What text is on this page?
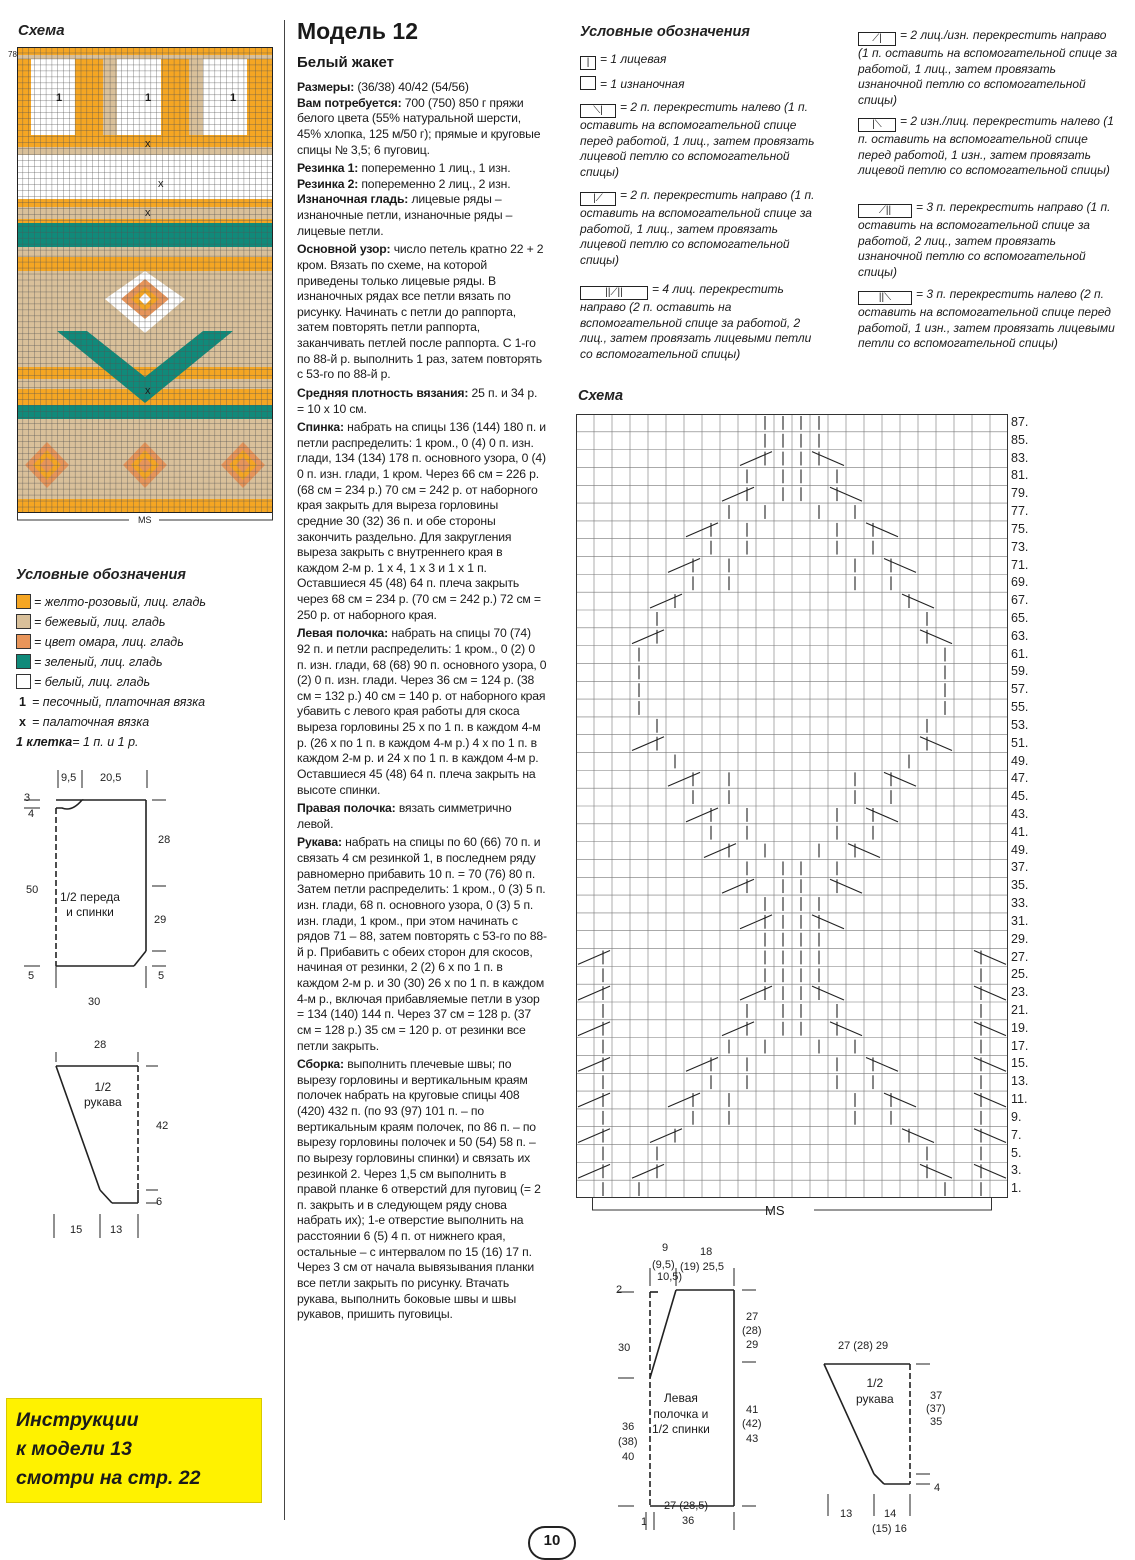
Схема
78
1	1	1
x
x
x
x
MS
Условные обозначения
= желто-розовый, лиц. гладь
= бежевый, лиц. гладь
= цвет омара, лиц. гладь
= зеленый, лиц. гладь
= белый, лиц. гладь
1 = песочный, платочная вязка
x = палаточная вязка
1 клетка = 1 п. и 1 р.
9,5 20,5
3
4
28
50
29
5	5
30
1/2 переда
и спинки
28
42
6
15	13
1/2
рукава
Инструкции
к модели 13
смотри на стр. 22
Модель 12
Белый жакет

Размеры: (36/38) 40/42 (54/56)
Вам потребуется: 700 (750) 850 г пряжи белого цвета (55% натуральной шерсти, 45% хлопка, 125 м/50 г); прямые и круговые спицы № 3,5; 6 пуговиц.

Резинка 1: попеременно 1 лиц., 1 изн.

Резинка 2: попеременно 2 лиц., 2 изн.

Изнаночная гладь: лицевые ряды – изнаночные петли, изнаночные ряды – лицевые петли.

Основной узор: число петель кратно 22 + 2 кром. Вязать по схеме, на которой приведены только лицевые ряды. В изнаночных рядах все петли вязать по рисунку. Начинать с петли до раппорта, затем повторять петли раппорта, заканчивать петлей после раппорта. С 1-го по 88-й р. выполнить 1 раз, затем повторять с 53-го по 88-й р.

Средняя плотность вязания: 25 п. и 34 р. = 10 х 10 см.

Спинка: набрать на спицы 136 (144) 180 п. и петли распределить: 1 кром., 0 (4) 0 п. изн. глади, 134 (134) 178 п. основного узора, 0 (4) 0 п. изн. глади, 1 кром. Через 66 см = 226 р. (68 см = 234 р.) 70 см = 242 р. от наборного края закрыть для выреза горловины средние 30 (32) 36 п. и обе стороны закончить раздельно. Для закругления выреза закрыть с внутреннего края в каждом 2-м р. 1 х 4, 1 х 3 и 1 х 1 п. Оставшиеся 45 (48) 64 п. плеча закрыть через 68 см = 234 р. (70 см = 242 р.) 72 см = 250 р. от наборного края.

Левая полочка: набрать на спицы 70 (74) 92 п. и петли распределить: 1 кром., 0 (2) 0 п. изн. глади, 68 (68) 90 п. основного узора, 0 (2) 0 п. изн. глади. Через 36 см = 124 р. (38 см = 132 р.) 40 см = 140 р. от наборного края убавить с левого края работы для скоса выреза горловины 25 х по 1 п. в каждом 4-м р. (26 х по 1 п. в каждом 4-м р.) 4 х по 1 п. в каждом 2-м р. и 24 х по 1 п. в каждом 4-м р. Оставшиеся 45 (48) 64 п. плеча закрыть на высоте спинки.

Правая полочка: вязать симметрично левой.

Рукава: набрать на спицы по 60 (66) 70 п. и связать 4 см резинкой 1, в последнем ряду равномерно прибавить 10 п. = 70 (76) 80 п. Затем петли распределить: 1 кром., 0 (3) 5 п. изн. глади, 68 п. основного узора, 0 (3) 5 п. изн. глади, 1 кром., при этом начинать с рядов 71 – 88, затем повторять с 53-го по 88-й р. Прибавить с обеих сторон для скосов, начиная от резинки, 2 (2) 6 х по 1 п. в каждом 2-м р. и 30 (30) 26 х по 1 п. в каждом 4-м р., включая прибавляемые петли в узор = 134 (140) 144 п. Через 37 см = 128 р. (37 см = 128 р.) 35 см = 120 р. от резинки все петли закрыть.

Сборка: выполнить плечевые швы; по вырезу горловины и вертикальным краям полочек набрать на круговые спицы 408 (420) 432 п. (по 93 (97) 101 п. – по вертикальным краям полочек, по 86 п. – по вырезу горловины полочек и 50 (54) 58 п. – по вырезу горловины спинки) и связать их резинкой 2. Через 1,5 см выполнить в правой планке 6 отверстий для пуговиц (= 2 п. закрыть и в следующем ряду снова набрать их); 1-е отверстие выполнить на расстоянии 6 (5) 4 п. от нижнего края, остальные – с интервалом по 15 (16) 17 п. Через 3 см от начала вывязывания планки все петли закрыть по рисунку. Втачать рукава, выполнить боковые швы и швы рукавов, пришить пуговицы.

Условные обозначения
| = 1 лицевая
= 1 изнаночная
⟍| = 2 п. перекрестить налево (1 п. оставить на вспомогательной спице перед работой, 1 лиц., затем провязать лицевой петлю со вспомогательной спицы)
|⟋ = 2 п. перекрестить направо (1 п. оставить на вспомогательной спице за работой, 1 лиц., затем провязать лицевой петлю со вспомогательной спицы)
||⟋|| = 4 лиц. перекрестить направо (2 п. оставить на вспомогательной спице за работой, 2 лиц., затем провязать лицевыми петли со вспомогательной спицы)
⟋| = 2 лиц./изн. перекрестить направо (1 п. оставить на вспомогательной спице за работой, 1 лиц., затем провязать изнаночной петлю со вспомогательной спицы)
|⟍ = 2 изн./лиц. перекрестить налево (1 п. оставить на вспомогательной спице перед работой, 1 изн., затем провязать лицевой петлю со вспомогательной спицы)
⟋|| = 3 п. перекрестить направо (1 п. оставить на вспомогательной спице за работой, 2 лиц., затем провязать изнаночной петлю со вспомогательной спицы)
||⟍ = 3 п. перекрестить налево (2 п. оставить на вспомогательной спице перед работой, 1 изн., затем провязать лицевыми петли со вспомогательной спицы)
Схема
87.
85.
83.
81.
79.
77.
75.
73.
71.
69.
67.
65.
63.
61.
59.
57.
55.
53.
51.
49.
47.
45.
43.
41.
49.
37.
35.
33.
31.
29.
27.
25.
23.
21.
19.
17.
15.
13.
11.
9.
7.
5.
3.
1.
MS
9
(9,5)
10,5)
18
(19) 25,5
2
27
(28)
29
30
41
(42)
43
36
(38)
40
27 (28,5)
36
1
Левая
полочка и
1/2 спинки
27 (28) 29
37
(37)
35
4
13	14
(15) 16
1/2
рукава
10
